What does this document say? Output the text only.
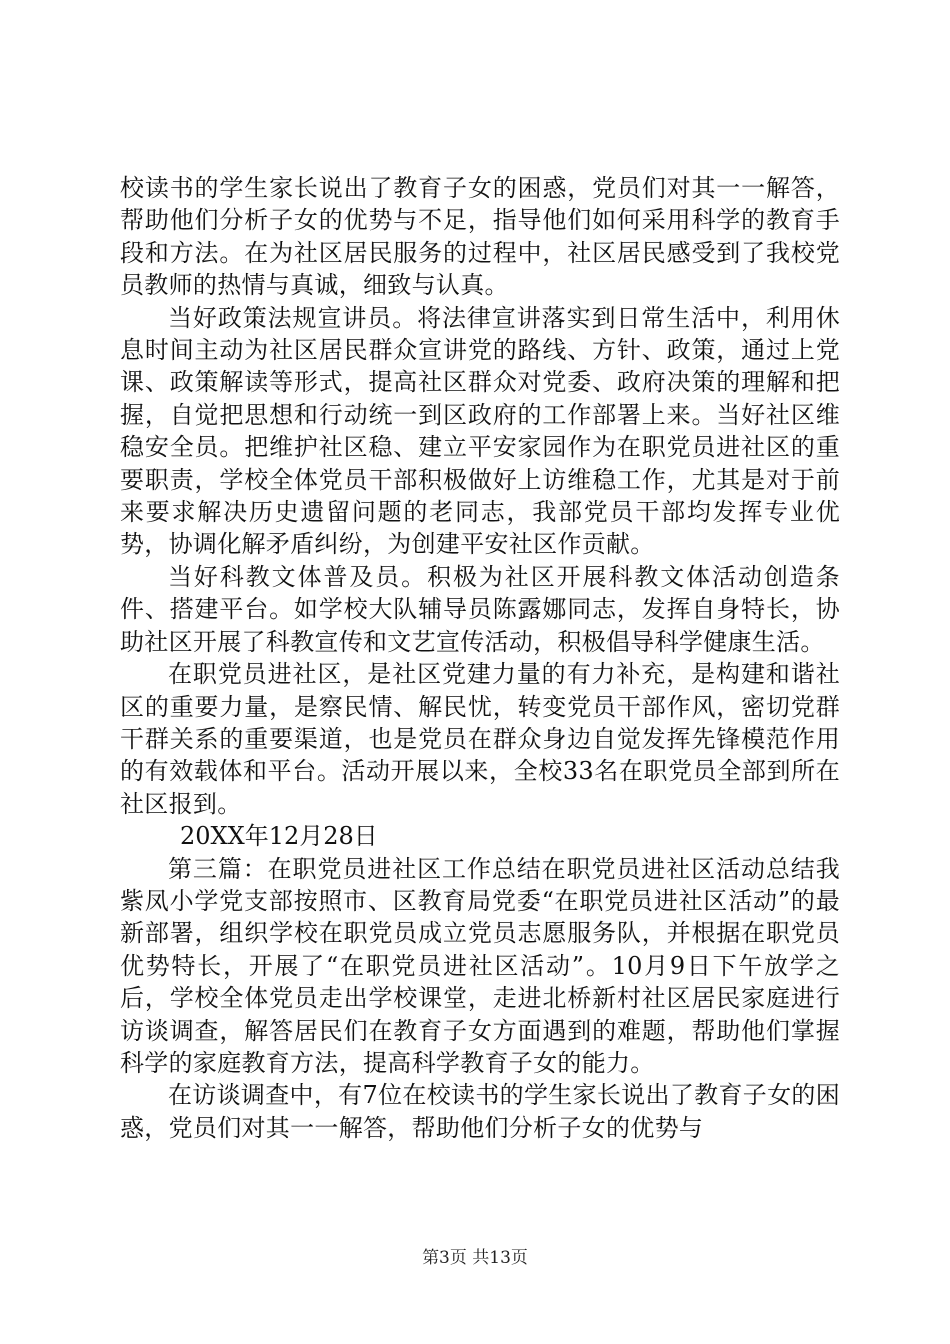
校读书的学生家长说出了教育子女的困惑，党员们对其一一解答，帮助他们分析子女的优势与不足，指导他们如何采用科学的教育手段和方法。在为社区居民服务的过程中，社区居民感受到了我校党员教师的热情与真诚，细致与认真。

当好政策法规宣讲员。将法律宣讲落实到日常生活中，利用休息时间主动为社区居民群众宣讲党的路线、方针、政策，通过上党课、政策解读等形式，提高社区群众对党委、政府决策的理解和把握，自觉把思想和行动统一到区政府的工作部署上来。当好社区维稳安全员。把维护社区稳、建立平安家园作为在职党员进社区的重要职责，学校全体党员干部积极做好上访维稳工作，尤其是对于前来要求解决历史遗留问题的老同志，我部党员干部均发挥专业优势，协调化解矛盾纠纷，为创建平安社区作贡献。

当好科教文体普及员。积极为社区开展科教文体活动创造条件、搭建平台。如学校大队辅导员陈露娜同志，发挥自身特长，协助社区开展了科教宣传和文艺宣传活动，积极倡导科学健康生活。

在职党员进社区，是社区党建力量的有力补充，是构建和谐社区的重要力量，是察民情、解民忧，转变党员干部作风，密切党群干群关系的重要渠道，也是党员在群众身边自觉发挥先锋模范作用的有效载体和平台。活动开展以来，全校33名在职党员全部到所在社区报到。

20XX年12月28日

第三篇：在职党员进社区工作总结在职党员进社区活动总结我紫凤小学党支部按照市、区教育局党委“在职党员进社区活动”的最新部署，组织学校在职党员成立党员志愿服务队，并根据在职党员优势特长，开展了“在职党员进社区活动”。10月9日下午放学之后，学校全体党员走出学校课堂，走进北桥新村社区居民家庭进行访谈调查，解答居民们在教育子女方面遇到的难题，帮助他们掌握科学的家庭教育方法，提高科学教育子女的能力。

在访谈调查中，有7位在校读书的学生家长说出了教育子女的困惑，党员们对其一一解答，帮助他们分析子女的优势与

第3页 共13页
